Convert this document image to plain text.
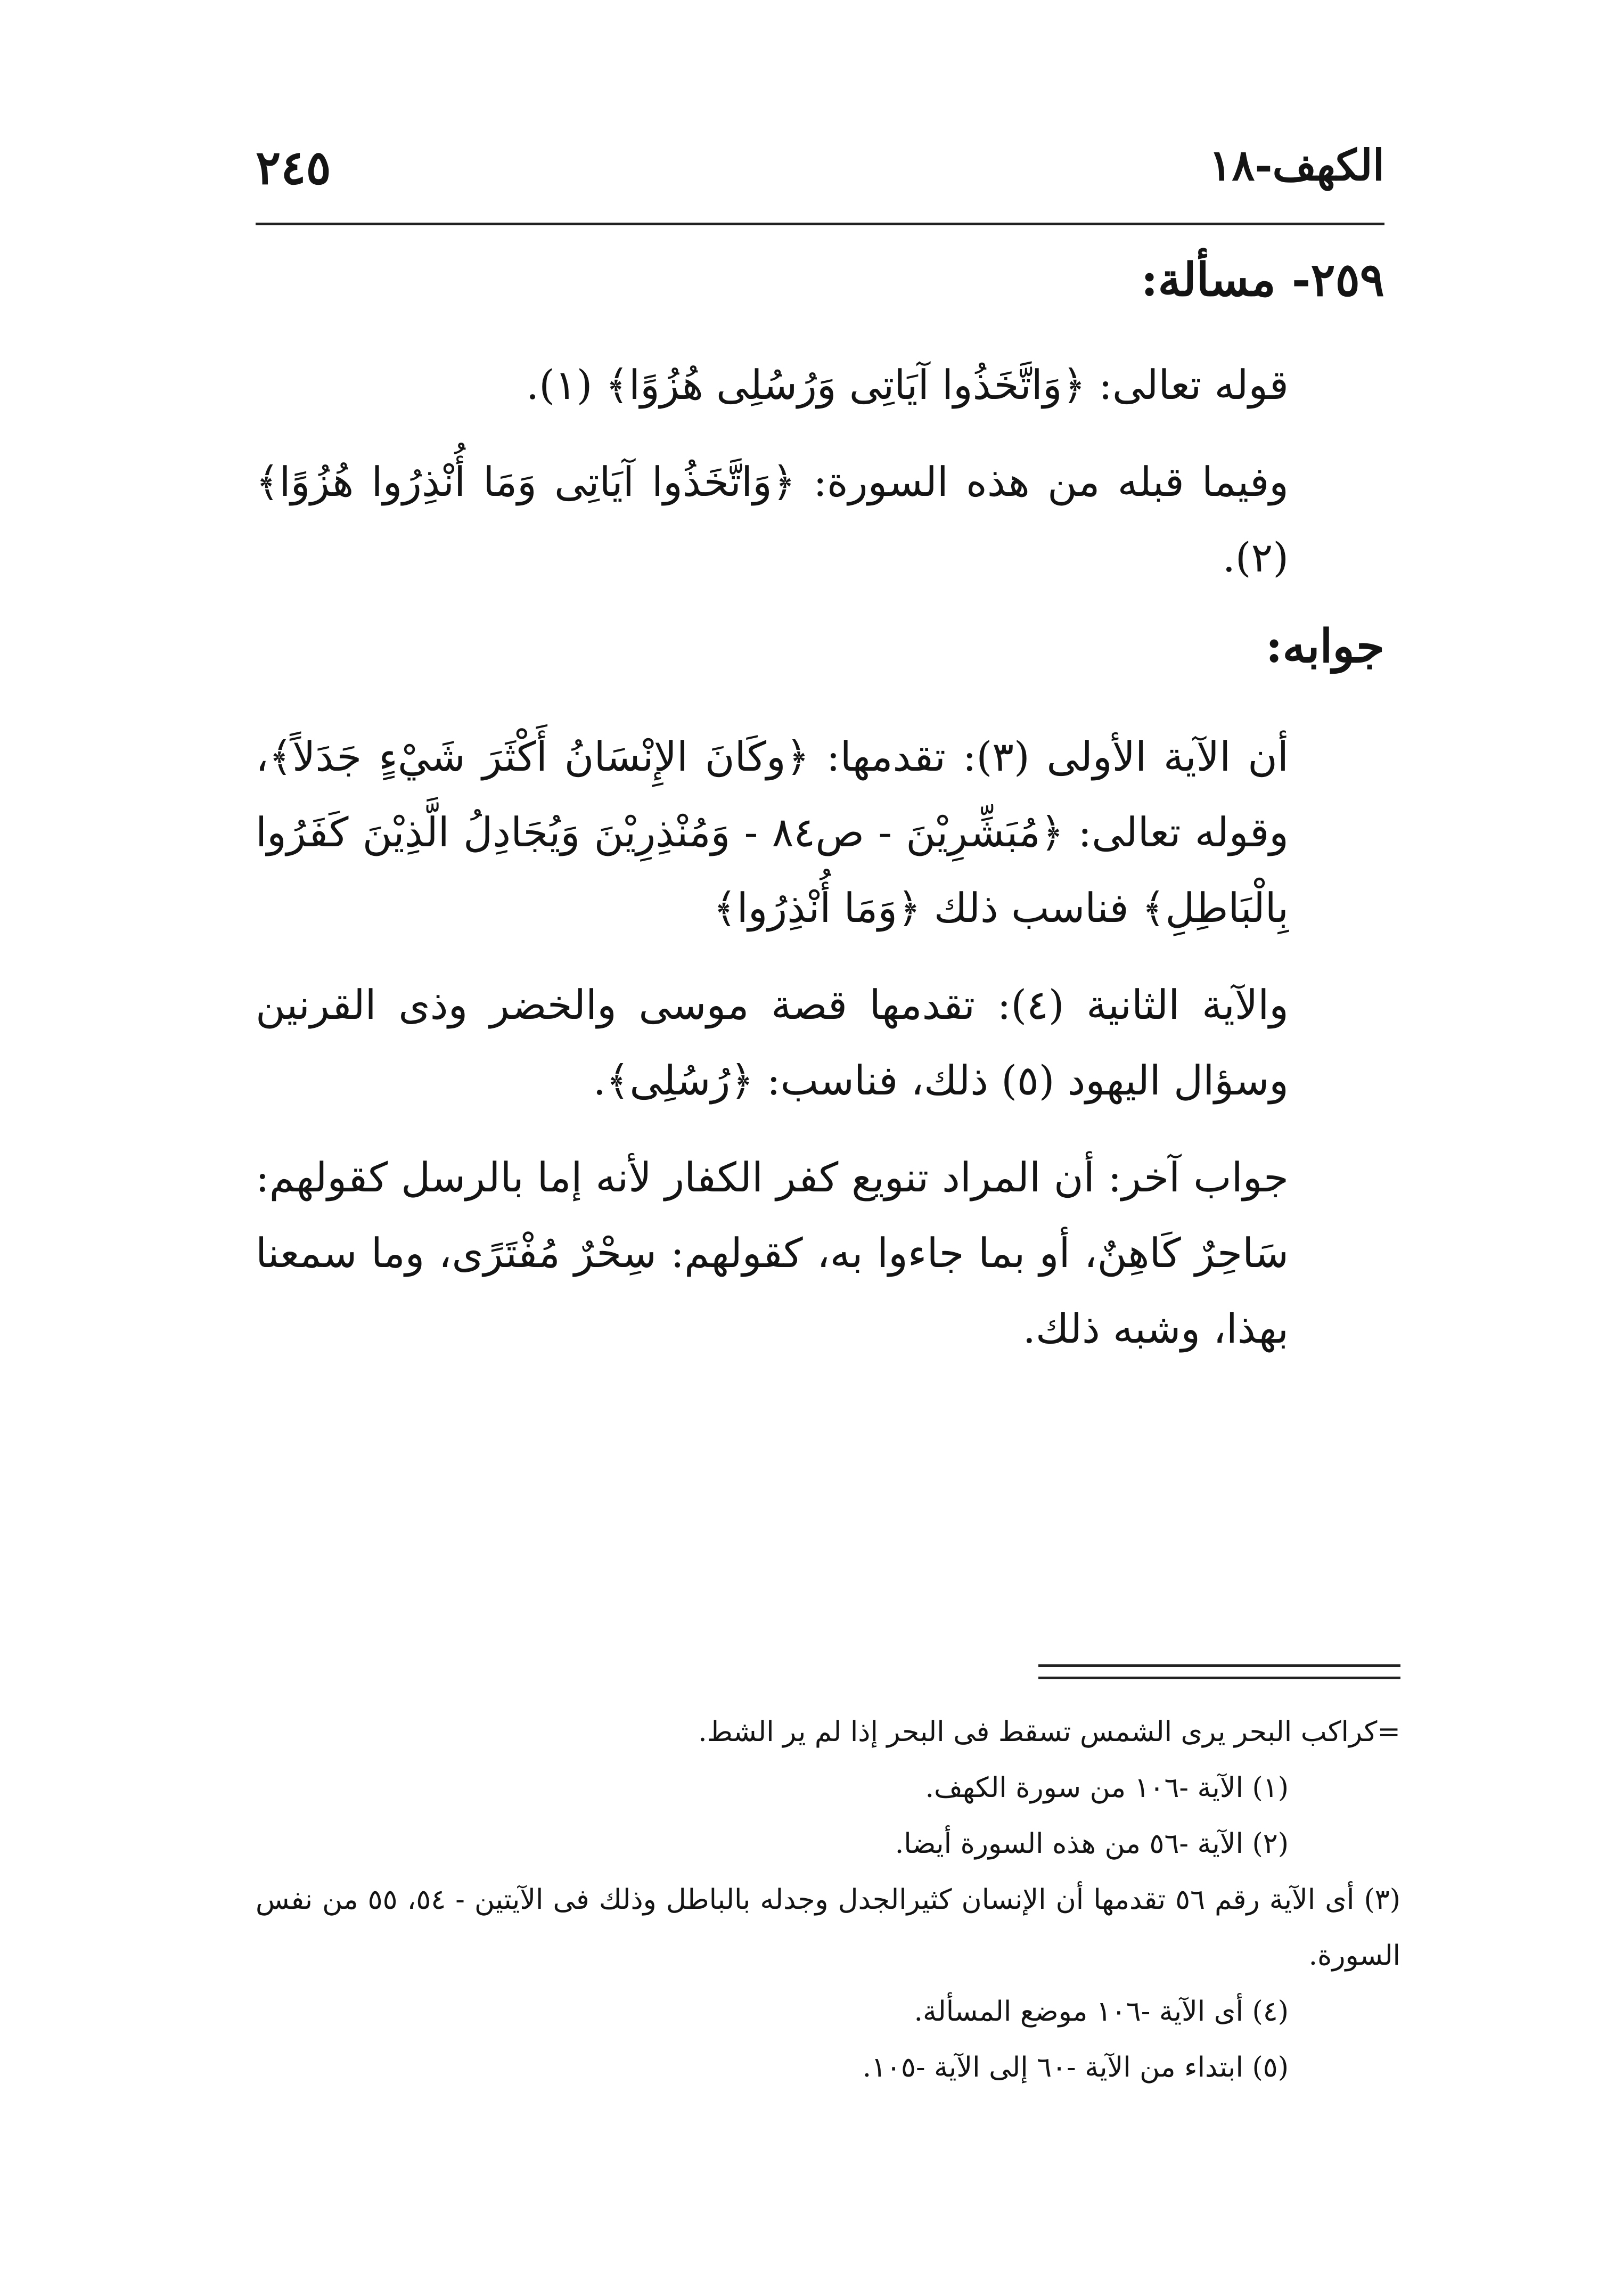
٢٤٥	الكهف-١٨
٢٥٩- مسألة:

قوله تعالى: ﴿وَاتَّخَذُوا آيَاتِى وَرُسُلِى هُزُوًا﴾ (١).

وفيما قبله من هذه السورة: ﴿وَاتَّخَذُوا آيَاتِى وَمَا أُنْذِرُوا هُزُوًا﴾ (٢).

جوابه:

أن الآية الأولى (٣): تقدمها: ﴿وكَانَ الإِنْسَانُ أَكْثَرَ شَيْءٍ جَدَلاً﴾، وقوله تعالى: ﴿مُبَشِّرِيْنَ - ص٨٤ - وَمُنْذِرِيْنَ وَيُجَادِلُ الَّذِيْنَ كَفَرُوا بِالْبَاطِلِ﴾ فناسب ذلك ﴿وَمَا أُنْذِرُوا﴾

والآية الثانية (٤): تقدمها قصة موسى والخضر وذى القرنين وسؤال اليهود (٥) ذلك، فناسب: ﴿رُسُلِى﴾.

جواب آخر: أن المراد تنويع كفر الكفار لأنه إما بالرسل كقولهم: سَاحِرٌ كَاهِنٌ، أو بما جاءوا به، كقولهم: سِحْرٌ مُفْتَرًى، وما سمعنا بهذا، وشبه ذلك.

=كراكب البحر يرى الشمس تسقط فى البحر إذا لم ير الشط.

(١) الآية -١٠٦ من سورة الكهف.

(٢) الآية -٥٦ من هذه السورة أيضا.

(٣) أى الآية رقم ٥٦ تقدمها أن الإنسان كثيرالجدل وجدله بالباطل وذلك فى الآيتين - ٥٤، ٥٥ من نفس السورة.

(٤) أى الآية -١٠٦ موضع المسألة.

(٥) ابتداء من الآية -٦٠ إلى الآية -١٠٥.
